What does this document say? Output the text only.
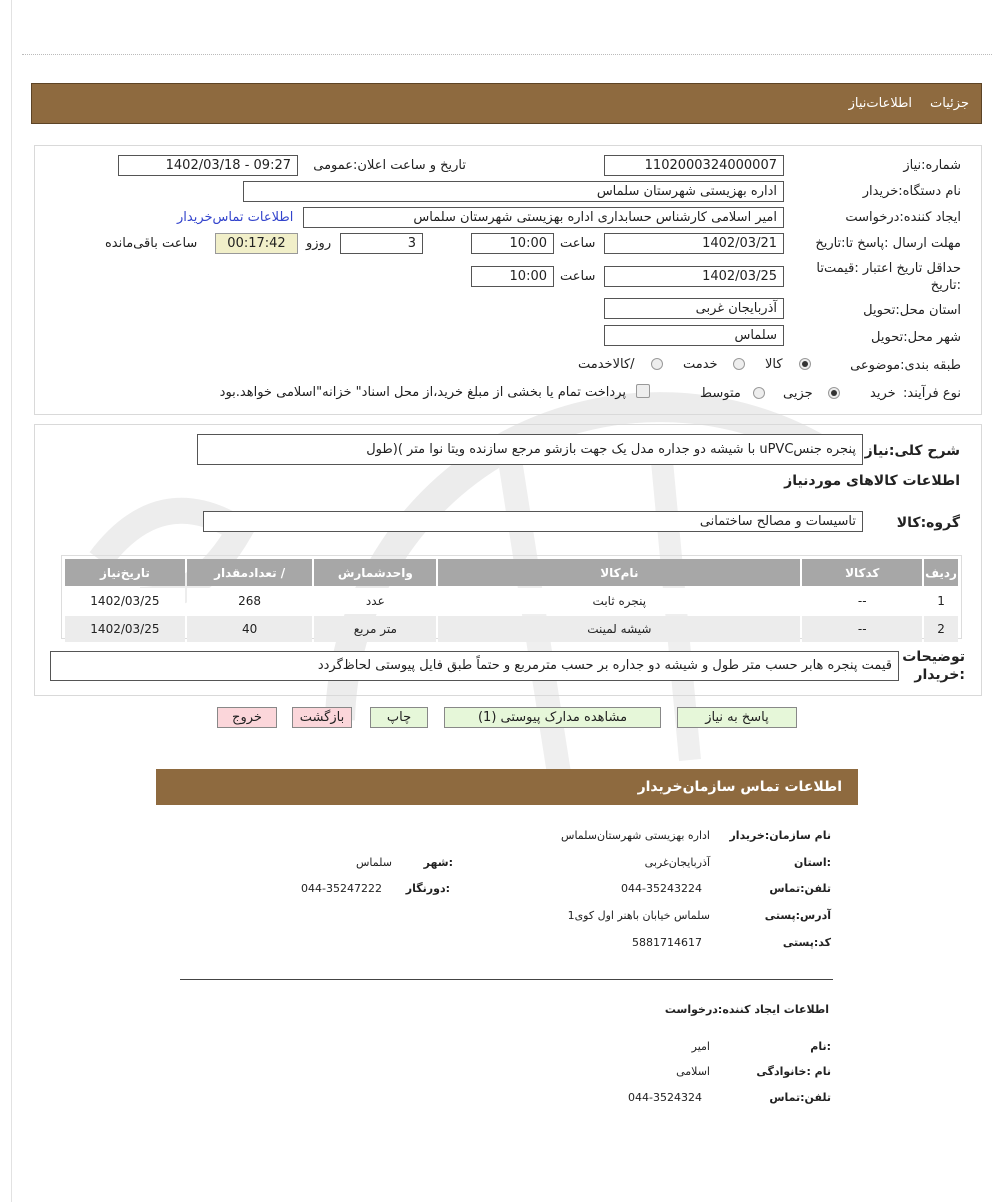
جزئیات
اطلاعات‌نیاز
شماره:نیاز
1102000324000007
تاریخ و ساعت اعلان:عمومی
1402/03/18 - 09:27
نام دستگاه:خریدار
اداره بهزیستی شهرستان سلماس
ایجاد کننده:درخواست
امیر اسلامی کارشناس حسابداری اداره بهزیستی شهرستان سلماس
اطلاعات تماس‌خریدار
مهلت ارسال :پاسخ تا:تاریخ
1402/03/21
ساعت
10:00
3
روزو
00:17:42
ساعت باقی‌مانده
حداقل تاریخ اعتبار :قیمت‌تا
:تاریخ
1402/03/25
ساعت
10:00
استان محل:تحویل
آذربایجان غربی
شهر محل:تحویل
سلماس
طبقه بندی:موضوعی
کالا
خدمت
/کالاخدمت
نوع فرآیند:
خرید
جزیی
متوسط
پرداخت تمام یا بخشی از مبلغ خرید،از محل اسناد" خزانه"اسلامی خواهد.بود
شرح کلی:نیاز
پنجره جنسuPVC با شیشه دو جداره مدل یک جهت بازشو مرجع سازنده ویتا نوا متر )(طول
اطلاعات کالاهای موردنیاز
گروه:کالا
تاسیسات و مصالح ساختمانی
ردیف	کدکالا	نام‌کالا	واحدشمارش	/ تعدادمقدار	تاریخ‌نیاز
1	--	پنجره ثابت	عدد	268	1402/03/25
2	--	شیشه لمینت	متر مربع	40	1402/03/25
توضیحات
:خریدار
قیمت پنجره هابر حسب متر طول و شیشه دو جداره بر حسب مترمربع و حتماً طبق فایل پیوستی لحاظ‌گردد
پاسخ به نیاز
مشاهده مدارک پیوستی (1)
چاپ
بازگشت
خروج
اطلاعات تماس سازمان‌خریدار
نام سازمان:خریدار
اداره بهزیستی شهرستان‌سلماس
:استان
آذربایجان‌غربی
:شهر
سلماس
تلفن:تماس
044-35243224
:دورنگار
044-35247222
آدرس:پستی
سلماس خیابان باهنر اول کوی1
کد:پستی
5881714617
اطلاعات ایجاد کننده:درخواست
:نام
امیر
نام :خانوادگی
اسلامی
تلفن:تماس
044-3524324
